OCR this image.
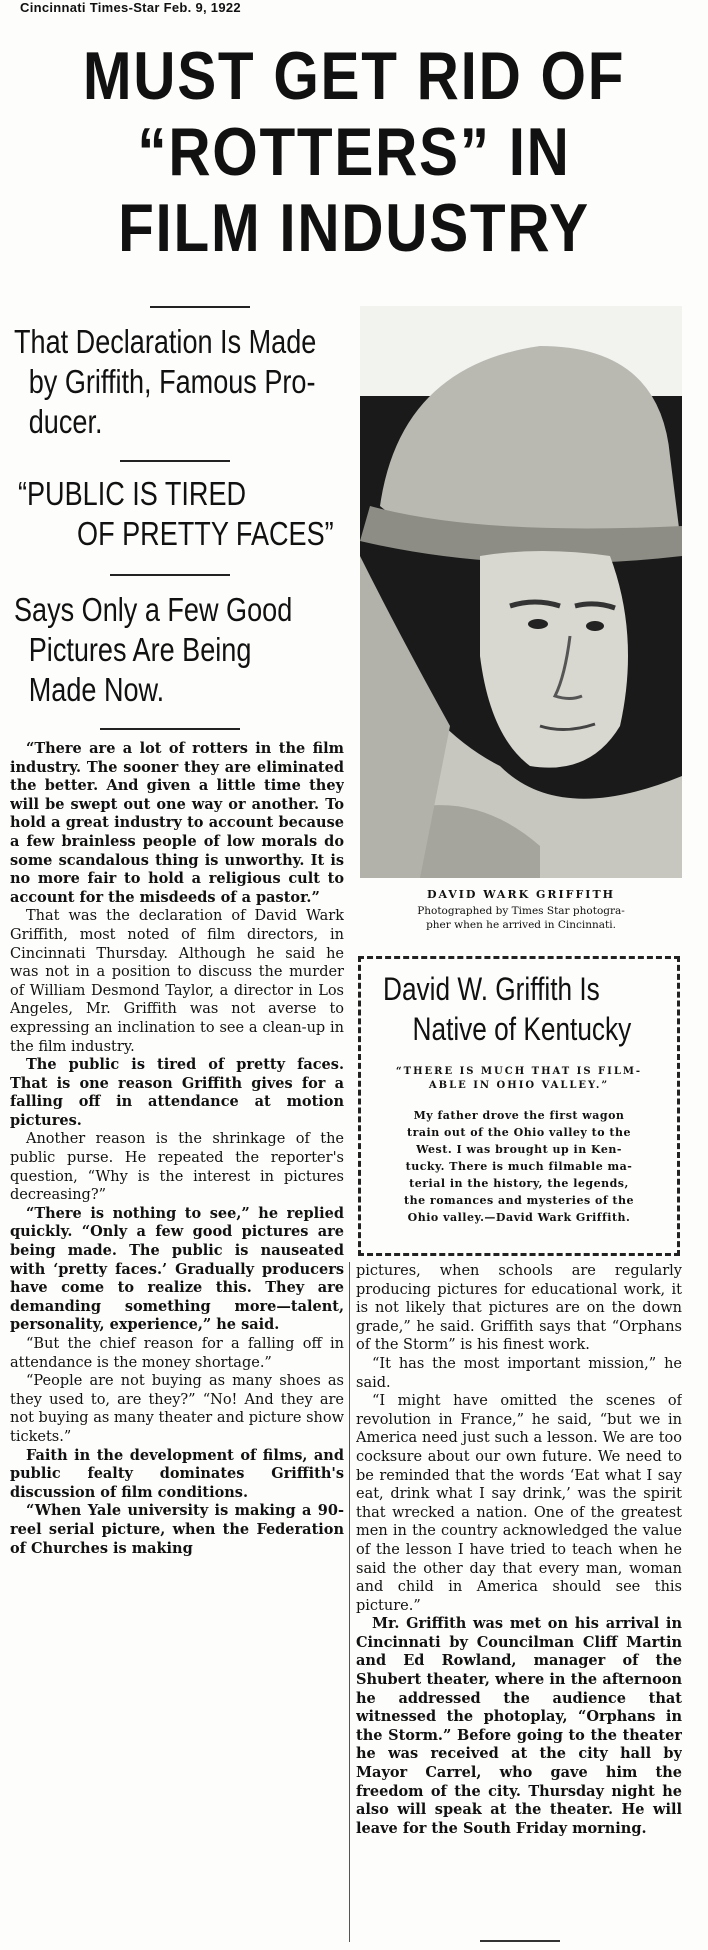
Cincinnati Times-Star Feb. 9, 1922
MUST GET RID OF
“ROTTERS” IN
FILM INDUSTRY
That Declaration Is Made
by Griffith, Famous Pro-
ducer.
“PUBLIC IS TIRED
OF PRETTY FACES”
Says Only a Few Good
Pictures Are Being
Made Now.
DAVID WARK GRIFFITH
Photographed by Times Star photogra-
pher when he arrived in Cincinnati.
David W. Griffith Is
Native of Kentucky
“THERE IS MUCH THAT IS FILM-
ABLE IN OHIO VALLEY.”
My father drove the first wagon
train out of the Ohio valley to the
West. I was brought up in Ken-
tucky. There is much filmable ma-
terial in the history, the legends,
the romances and mysteries of the
Ohio valley.—David Wark Griffith.

“There are a lot of rotters in the film industry. The sooner they are eliminated the better. And given a little time they will be swept out one way or another. To hold a great industry to account because a few brainless people of low morals do some scandalous thing is unworthy. It is no more fair to hold a religious cult to account for the misdeeds of a pastor.”

That was the declaration of David Wark Griffith, most noted of film directors, in Cincinnati Thursday. Although he said he was not in a position to discuss the murder of William Desmond Taylor, a director in Los Angeles, Mr. Griffith was not averse to expressing an inclination to see a clean-up in the film industry.

The public is tired of pretty faces. That is one reason Griffith gives for a falling off in attendance at motion pictures.

Another reason is the shrinkage of the public purse. He repeated the reporter's question, “Why is the interest in pictures decreasing?”

“There is nothing to see,” he replied quickly. “Only a few good pictures are being made. The public is nauseated with ‘pretty faces.’ Gradually producers have come to realize this. They are demanding something more—talent, personality, experience,” he said.

“But the chief reason for a falling off in attendance is the money shortage.”

“People are not buying as many shoes as they used to, are they?” “No! And they are not buying as many theater and picture show tickets.”

Faith in the development of films, and public fealty dominates Griffith's discussion of film conditions.

“When Yale university is making a 90-reel serial picture, when the Federation of Churches is making

pictures, when schools are regularly producing pictures for educational work, it is not likely that pictures are on the down grade,” he said. Griffith says that “Orphans of the Storm” is his finest work.

“It has the most important mission,” he said.

“I might have omitted the scenes of revolution in France,” he said, “but we in America need just such a lesson. We are too cocksure about our own future. We need to be reminded that the words ‘Eat what I say eat, drink what I say drink,’ was the spirit that wrecked a nation. One of the greatest men in the country acknowledged the value of the lesson I have tried to teach when he said the other day that every man, woman and child in America should see this picture.”

Mr. Griffith was met on his arrival in Cincinnati by Councilman Cliff Martin and Ed Rowland, manager of the Shubert theater, where in the afternoon he addressed the audience that witnessed the photoplay, “Orphans in the Storm.” Before going to the theater he was received at the city hall by Mayor Carrel, who gave him the freedom of the city. Thursday night he also will speak at the theater. He will leave for the South Friday morning.
